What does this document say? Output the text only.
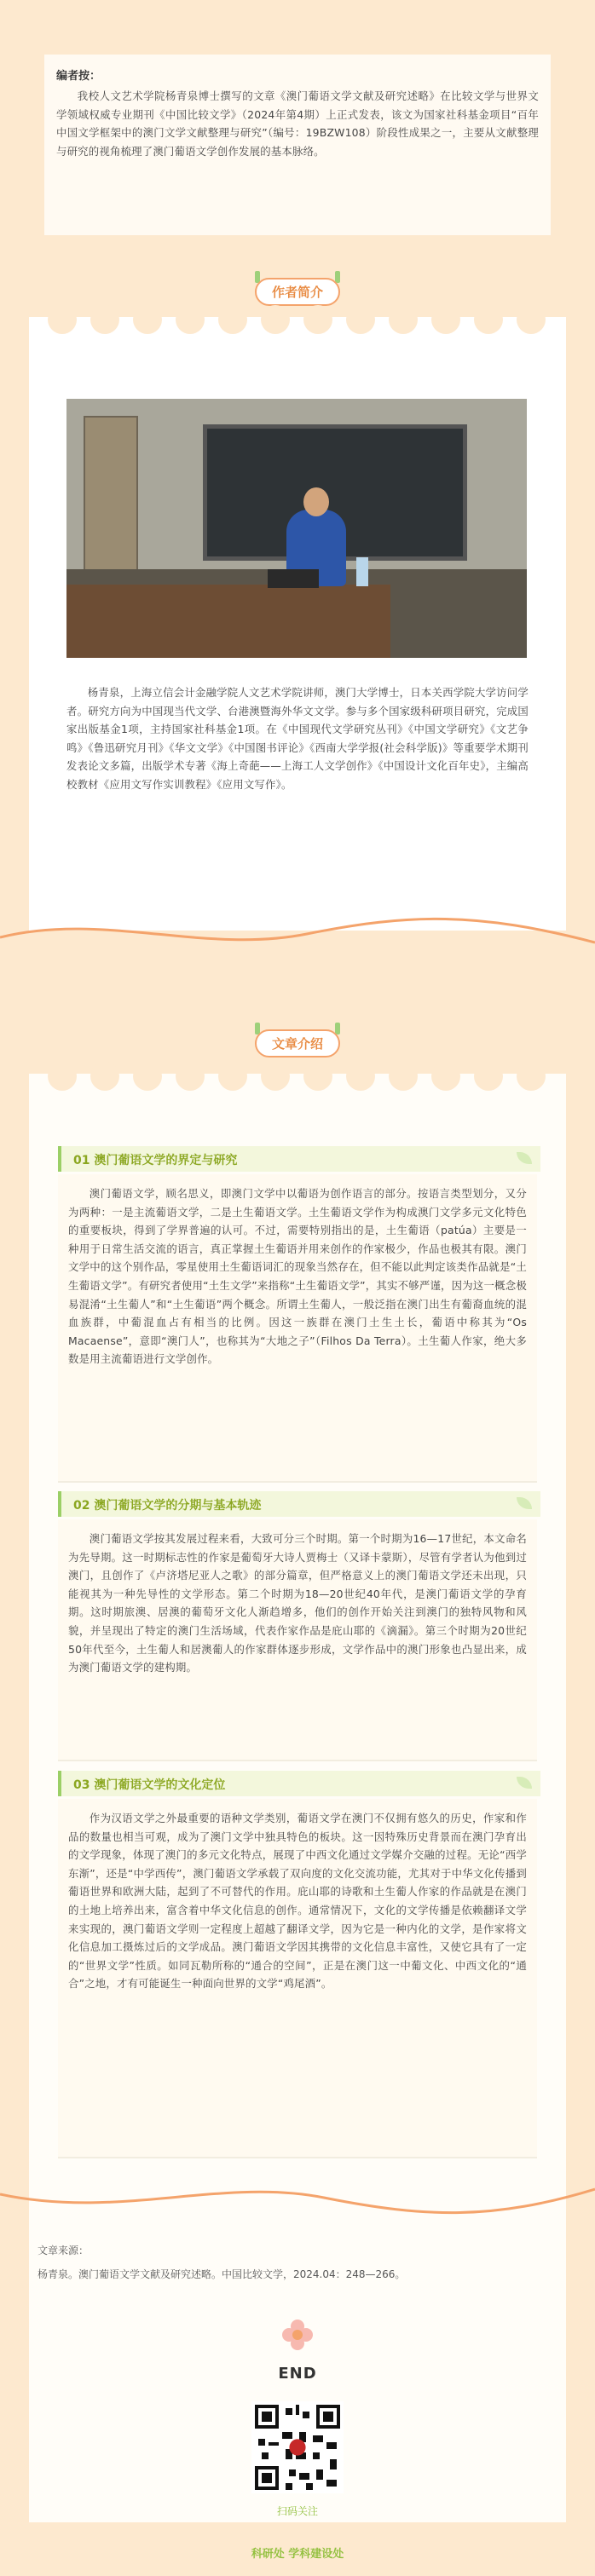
编者按：

我校人文艺术学院杨青泉博士撰写的文章《澳门葡语文学文献及研究述略》在比较文学与世界文学领域权威专业期刊《中国比较文学》（2024年第4期）上正式发表，该文为国家社科基金项目“百年中国文学框架中的澳门文学文献整理与研究”（编号：19BZW108）阶段性成果之一，主要从文献整理与研究的视角梳理了澳门葡语文学创作发展的基本脉络。

作者简介

杨青泉，上海立信会计金融学院人文艺术学院讲师，澳门大学博士，日本关西学院大学访问学者。研究方向为中国现当代文学、台港澳暨海外华文文学。参与多个国家级科研项目研究，完成国家出版基金1项，主持国家社科基金1项。在《中国现代文学研究丛刊》《中国文学研究》《文艺争鸣》《鲁迅研究月刊》《华文文学》《中国图书评论》《西南大学学报(社会科学版)》等重要学术期刊发表论文多篇，出版学术专著《海上奇葩——上海工人文学创作》《中国设计文化百年史》，主编高校教材《应用文写作实训教程》《应用文写作》。

文章介绍
01 澳门葡语文学的界定与研究

澳门葡语文学，顾名思义，即澳门文学中以葡语为创作语言的部分。按语言类型划分，又分为两种：一是主流葡语文学，二是土生葡语文学。土生葡语文学作为构成澳门文学多元文化特色的重要板块，得到了学界普遍的认可。不过，需要特别指出的是，土生葡语（patúa）主要是一种用于日常生活交流的语言，真正掌握土生葡语并用来创作的作家极少，作品也极其有限。澳门文学中的这个别作品，零星使用土生葡语词汇的现象当然存在，但不能以此判定该类作品就是“土生葡语文学”。有研究者使用“土生文学”来指称“土生葡语文学”，其实不够严谨，因为这一概念极易混淆“土生葡人”和“土生葡语”两个概念。所谓土生葡人，一般泛指在澳门出生有葡裔血统的混血族群，中葡混血占有相当的比例。因这一族群在澳门土生土长，葡语中称其为“Os Macaense”，意即“澳门人”，也称其为“大地之子”（Filhos Da Terra）。土生葡人作家，绝大多数是用主流葡语进行文学创作。

02 澳门葡语文学的分期与基本轨迹

澳门葡语文学按其发展过程来看，大致可分三个时期。第一个时期为16—17世纪，本文命名为先导期。这一时期标志性的作家是葡萄牙大诗人贾梅士（又译卡蒙斯），尽管有学者认为他到过澳门，且创作了《卢济塔尼亚人之歌》的部分篇章，但严格意义上的澳门葡语文学还未出现，只能视其为一种先导性的文学形态。第二个时期为18—20世纪40年代，是澳门葡语文学的孕育期。这时期旅澳、居澳的葡萄牙文化人渐趋增多，他们的创作开始关注到澳门的独特风物和风貌，并呈现出了特定的澳门生活场域，代表作家作品是庇山耶的《滴漏》。第三个时期为20世纪50年代至今，土生葡人和居澳葡人的作家群体逐步形成，文学作品中的澳门形象也凸显出来，成为澳门葡语文学的建构期。

03 澳门葡语文学的文化定位

作为汉语文学之外最重要的语种文学类别，葡语文学在澳门不仅拥有悠久的历史，作家和作品的数量也相当可观，成为了澳门文学中独具特色的板块。这一因特殊历史背景而在澳门孕育出的文学现象，体现了澳门的多元文化特点，展现了中西文化通过文学媒介交融的过程。无论“西学东渐”，还是“中学西传”，澳门葡语文学承载了双向度的文化交流功能，尤其对于中华文化传播到葡语世界和欧洲大陆，起到了不可替代的作用。庇山耶的诗歌和土生葡人作家的作品就是在澳门的土地上培养出来，富含着中华文化信息的创作。通常情况下，文化的文学传播是依赖翻译文学来实现的，澳门葡语文学则一定程度上超越了翻译文学，因为它是一种内化的文学，是作家将文化信息加工摄炼过后的文学成品。澳门葡语文学因其携带的文化信息丰富性，又使它具有了一定的“世界文学”性质。如同瓦勒所称的“通合的空间”，正是在澳门这一中葡文化、中西文化的“通合”之地，才有可能诞生一种面向世界的文学“鸡尾酒”。

文章来源：
杨青泉。澳门葡语文学文献及研究述略。中国比较文学，2024.04：248—266。
END
扫码关注
科研处 学科建设处
